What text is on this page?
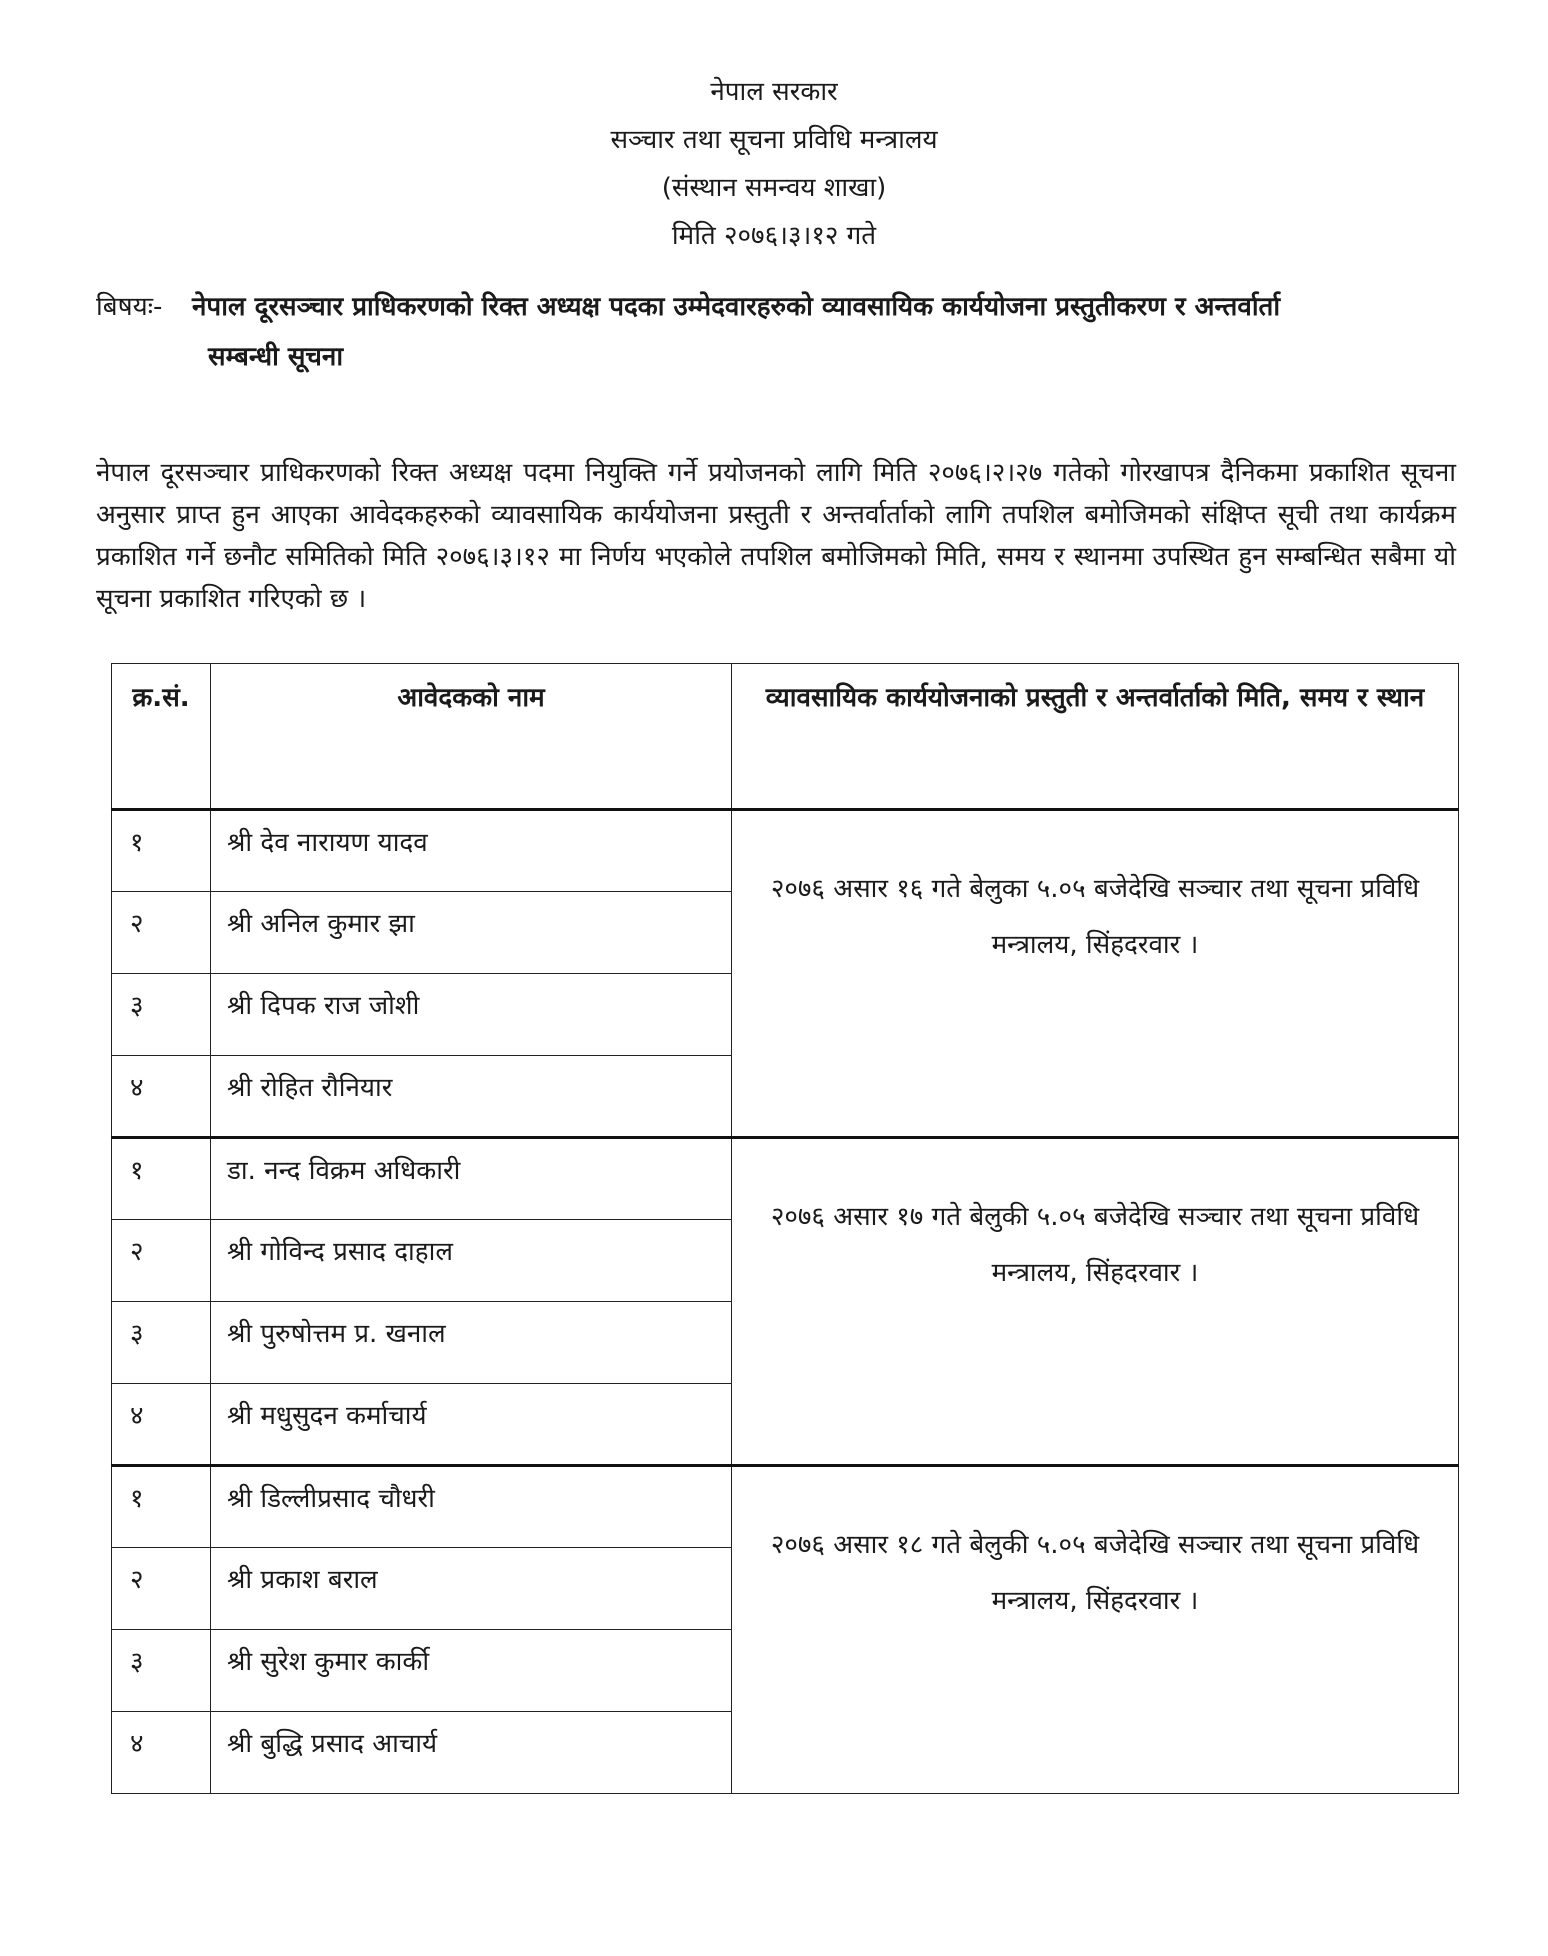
नेपाल सरकार
सञ्चार तथा सूचना प्रविधि मन्त्रालय
(संस्थान समन्वय शाखा)
मिति २०७६।३।१२ गते
बिषयः- नेपाल दूरसञ्चार प्राधिकरणको रिक्त अध्यक्ष पदका उम्मेदवारहरुको व्यावसायिक कार्ययोजना प्रस्तुतीकरण र अन्तर्वार्ता
सम्बन्धी सूचना
नेपाल दूरसञ्चार प्राधिकरणको रिक्त अध्यक्ष पदमा नियुक्ति गर्ने प्रयोजनको लागि मिति २०७६।२।२७ गतेको गोरखापत्र दैनिकमा प्रकाशित सूचना अनुसार प्राप्त हुन आएका आवेदकहरुको व्यावसायिक कार्ययोजना प्रस्तुती र अन्तर्वार्ताको लागि तपशिल बमोजिमको संक्षिप्त सूची तथा कार्यक्रम प्रकाशित गर्ने छनौट समितिको मिति २०७६।३।१२ मा निर्णय भएकोले तपशिल बमोजिमको मिति, समय र स्थानमा उपस्थित हुन सम्बन्धित सबैमा यो सूचना प्रकाशित गरिएको छ ।
क्र.सं.	आवेदकको नाम	व्यावसायिक कार्ययोजनाको प्रस्तुती र अन्तर्वार्ताको मिति, समय र स्थान
१	श्री देव नारायण यादव	२०७६ असार १६ गते बेलुका ५.०५ बजेदेखि सञ्चार तथा सूचना प्रविधि मन्त्रालय, सिंहदरवार ।
२	श्री अनिल कुमार झा	
३	श्री दिपक राज जोशी	
४	श्री रोहित रौनियार	
१	डा. नन्द विक्रम अधिकारी	२०७६ असार १७ गते बेलुकी ५.०५ बजेदेखि सञ्चार तथा सूचना प्रविधि मन्त्रालय, सिंहदरवार ।
२	श्री गोविन्द प्रसाद दाहाल	
३	श्री पुरुषोत्तम प्र. खनाल	
४	श्री मधुसुदन कर्माचार्य	
१	श्री डिल्लीप्रसाद चौधरी	२०७६ असार १८ गते बेलुकी ५.०५ बजेदेखि सञ्चार तथा सूचना प्रविधि मन्त्रालय, सिंहदरवार ।
२	श्री प्रकाश बराल	
३	श्री सुरेश कुमार कार्की	
४	श्री बुद्धि प्रसाद आचार्य	
